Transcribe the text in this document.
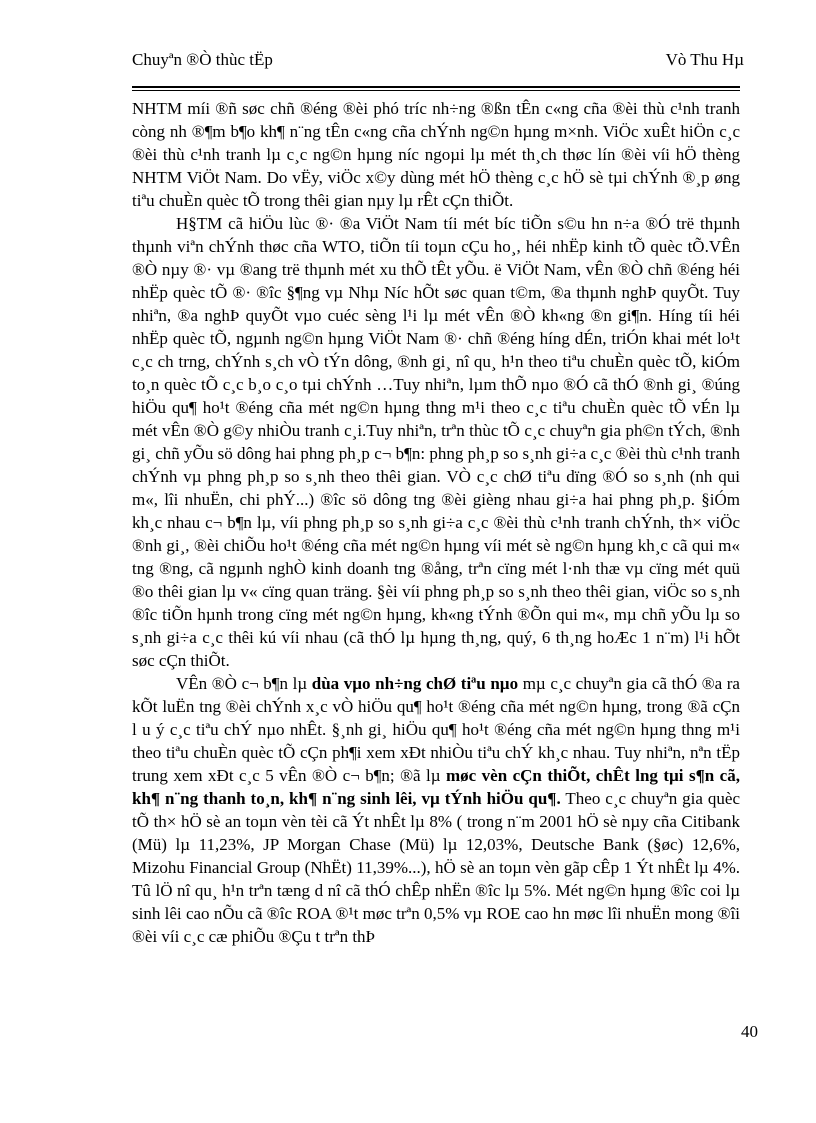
Chuyªn ®Ò thùc tËp	Vò Thu Hµ

NHTM míi ®ñ søc chñ ®éng ®èi phó tríc nh÷ng ®ßn tÊn c«ng cña ®èi thù c¹nh tranh còng nh ®¶m b¶o kh¶ n¨ng tÊn c«ng cña chÝnh ng©n hµng m×nh. ViÖc xuÊt hiÖn c¸c ®èi thù c¹nh tranh lµ c¸c ng©n hµng níc ngoµi lµ mét th¸ch thøc lín ®èi víi hÖ thèng NHTM ViÖt Nam. Do vËy, viÖc x©y dùng mét hÖ thèng c¸c hÖ sè tµi chÝnh ®¸p øng tiªu chuÈn quèc tÕ trong thêi gian nµy lµ rÊt cÇn thiÕt.

H§TM cã hiÖu lùc ®· ®a ViÖt Nam tíi mét bíc tiÕn s©u hn n÷a ®Ó trë thµnh thµnh viªn chÝnh thøc cña WTO, tiÕn tíi toµn cÇu ho¸, héi nhËp kinh tÕ quèc tÕ.VÊn ®Ò nµy ®· vµ ®ang trë thµnh mét xu thÕ tÊt yÕu. ë ViÖt Nam, vÊn ®Ò chñ ®éng héi nhËp quèc tÕ ®· ®îc §¶ng vµ Nhµ Níc hÕt søc quan t©m, ®a thµnh nghÞ quyÕt. Tuy nhiªn, ®a nghÞ quyÕt vµo cuéc sèng l¹i lµ mét vÊn ®Ò kh«ng ®n gi¶n. Híng tíi héi nhËp quèc tÕ, ngµnh ng©n hµng ViÖt Nam ®· chñ ®éng híng dÉn, triÓn khai mét lo¹t c¸c ch trng, chÝnh s¸ch vÒ tÝn dông, ®nh gi¸ nî qu¸ h¹n theo tiªu chuÈn quèc tÕ, kiÓm to¸n quèc tÕ c¸c b¸o c¸o tµi chÝnh …Tuy nhiªn, lµm thÕ nµo ®Ó cã thÓ ®nh gi¸ ®úng hiÖu qu¶ ho¹t ®éng cña mét ng©n hµng thng m¹i theo c¸c tiªu chuÈn quèc tÕ vÉn lµ mét vÊn ®Ò g©y nhiÒu tranh c¸i.Tuy nhiªn, trªn thùc tÕ c¸c chuyªn gia ph©n tÝch, ®nh gi¸ chñ yÕu sö dông hai phng ph¸p c¬ b¶n: phng ph¸p so s¸nh gi÷a c¸c ®èi thù c¹nh tranh chÝnh vµ phng ph¸p so s¸nh theo thêi gian. VÒ c¸c chØ tiªu dïng ®Ó so s¸nh (nh qui m«, lîi nhuËn, chi phÝ...) ®îc sö dông tng ®èi gièng nhau gi÷a hai phng ph¸p. §iÓm kh¸c nhau c¬ b¶n lµ, víi phng ph¸p so s¸nh gi÷a c¸c ®èi thù c¹nh tranh chÝnh, th× viÖc ®nh gi¸, ®èi chiÕu ho¹t ®éng cña mét ng©n hµng víi mét sè ng©n hµng kh¸c cã qui m« tng ®ng, cã ngµnh nghÒ kinh doanh tng ®ång, trªn cïng mét l·nh thæ vµ cïng mét quü ®o thêi gian lµ v« cïng quan träng. §èi víi phng ph¸p so s¸nh theo thêi gian, viÖc so s¸nh ®îc tiÕn hµnh trong cïng mét ng©n hµng, kh«ng tÝnh ®Õn qui m«, mµ chñ yÕu lµ so s¸nh gi÷a c¸c thêi kú víi nhau (cã thÓ lµ hµng th¸ng, quý, 6 th¸ng hoÆc 1 n¨m) l¹i hÕt søc cÇn thiÕt.

VÊn ®Ò c¬ b¶n lµ dùa vµo nh÷ng chØ tiªu nµo mµ c¸c chuyªn gia cã thÓ ®a ra kÕt luËn tng ®èi chÝnh x¸c vÒ hiÖu qu¶ ho¹t ®éng cña mét ng©n hµng, trong ®ã cÇn l u ý c¸c tiªu chÝ nµo nhÊt. §¸nh gi¸ hiÖu qu¶ ho¹t ®éng cña mét ng©n hµng thng m¹i theo tiªu chuÈn quèc tÕ cÇn ph¶i xem xÐt nhiÒu tiªu chÝ kh¸c nhau. Tuy nhiªn, nªn tËp trung xem xÐt c¸c 5 vÊn ®Ò c¬ b¶n; ®ã lµ møc vèn cÇn thiÕt, chÊt lng tµi s¶n cã, kh¶ n¨ng thanh to¸n, kh¶ n¨ng sinh lêi, vµ tÝnh hiÖu qu¶. Theo c¸c chuyªn gia quèc tÕ th× hÖ sè an toµn vèn tèi cã Ýt nhÊt lµ 8% ( trong n¨m 2001 hÖ sè nµy cña Citibank (Mü) lµ 11,23%, JP Morgan Chase (Mü) lµ 12,03%, Deutsche Bank (§øc) 12,6%, Mizohu Financial Group (NhËt) 11,39%...), hÖ sè an toµn vèn gãp cÊp 1 Ýt nhÊt lµ 4%. Tû lÖ nî qu¸ h¹n trªn tæng d nî cã thÓ chÊp nhËn ®îc lµ 5%. Mét ng©n hµng ®îc coi lµ sinh lêi cao nÕu cã ®îc ROA ®¹t møc trªn 0,5% vµ ROE cao hn møc lîi nhuËn mong ®îi ®èi víi c¸c cæ phiÕu ®Çu t trªn thÞ

40
